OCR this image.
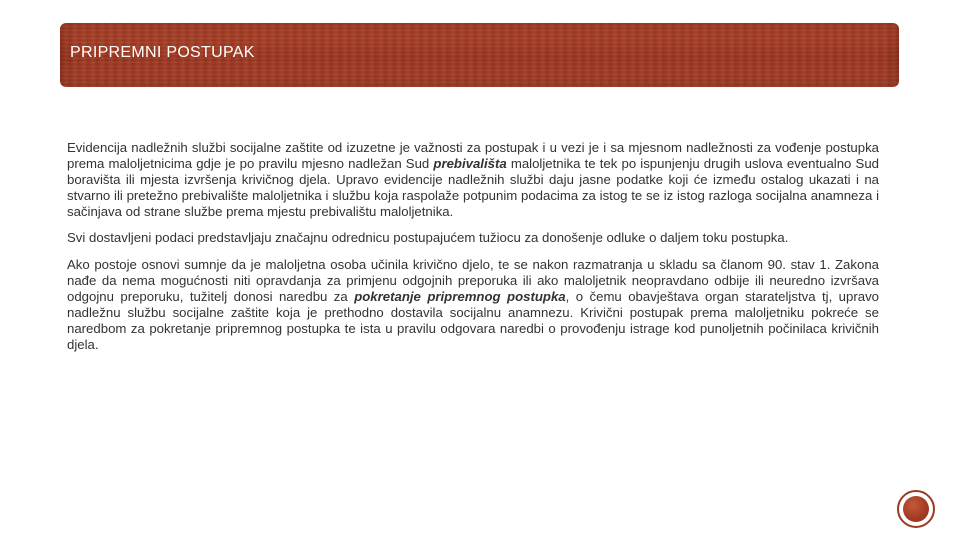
PRIPREMNI POSTUPAK

Evidencija nadležnih službi socijalne zaštite od izuzetne je važnosti za postupak i u vezi je i sa mjesnom nadležnosti za vođenje postupka prema maloljetnicima gdje je po pravilu mjesno nadležan Sud prebivališta maloljetnika te tek po ispunjenju drugih uslova eventualno Sud boravišta ili mjesta izvršenja krivičnog djela. Upravo evidencije nadležnih službi daju jasne podatke koji će između ostalog ukazati i na stvarno ili pretežno prebivalište maloljetnika i službu koja raspolaže potpunim podacima za istog te se iz istog razloga socijalna anamneza i sačinjava od strane službe prema mjestu prebivalištu maloljetnika.

Svi dostavljeni podaci predstavljaju značajnu odrednicu postupajućem tužiocu za donošenje odluke o daljem toku postupka.

Ako postoje osnovi sumnje da je maloljetna osoba učinila krivično djelo, te se nakon razmatranja u skladu sa članom 90. stav 1. Zakona nađe da nema mogućnosti niti opravdanja za primjenu odgojnih preporuka ili ako maloljetnik neopravdano odbije ili neuredno izvršava odgojnu preporuku, tužitelj donosi naredbu za pokretanje pripremnog postupka, o čemu obavještava organ starateljstva tj, upravo nadležnu službu socijalne zaštite koja je prethodno dostavila socijalnu anamnezu. Krivični postupak prema maloljetniku pokreće se naredbom za pokretanje pripremnog postupka te ista u pravilu odgovara naredbi o provođenju istrage kod punoljetnih počinilaca krivičnih djela.
